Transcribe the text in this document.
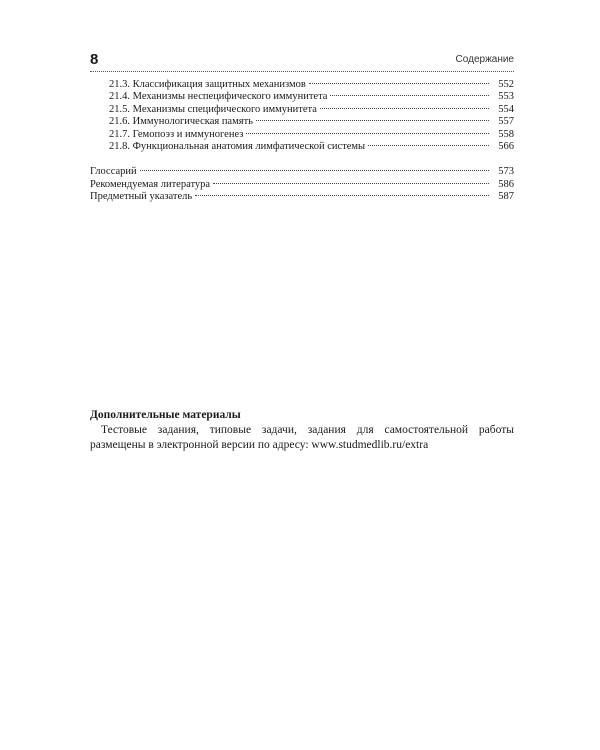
8	Содержание
21.3. Классификация защитных механизмов	552
21.4. Механизмы неспецифического иммунитета	553
21.5. Механизмы специфического иммунитета	554
21.6. Иммунологическая память	557
21.7. Гемопоэз и иммуногенез	558
21.8. Функциональная анатомия лимфатической системы	566
Глоссарий	573
Рекомендуемая литература	586
Предметный указатель	587

Дополнительные материалы

Тестовые задания, типовые задачи, задания для самостоятельной работы размещены в электронной версии по адресу: www.studmedlib.ru/extra
